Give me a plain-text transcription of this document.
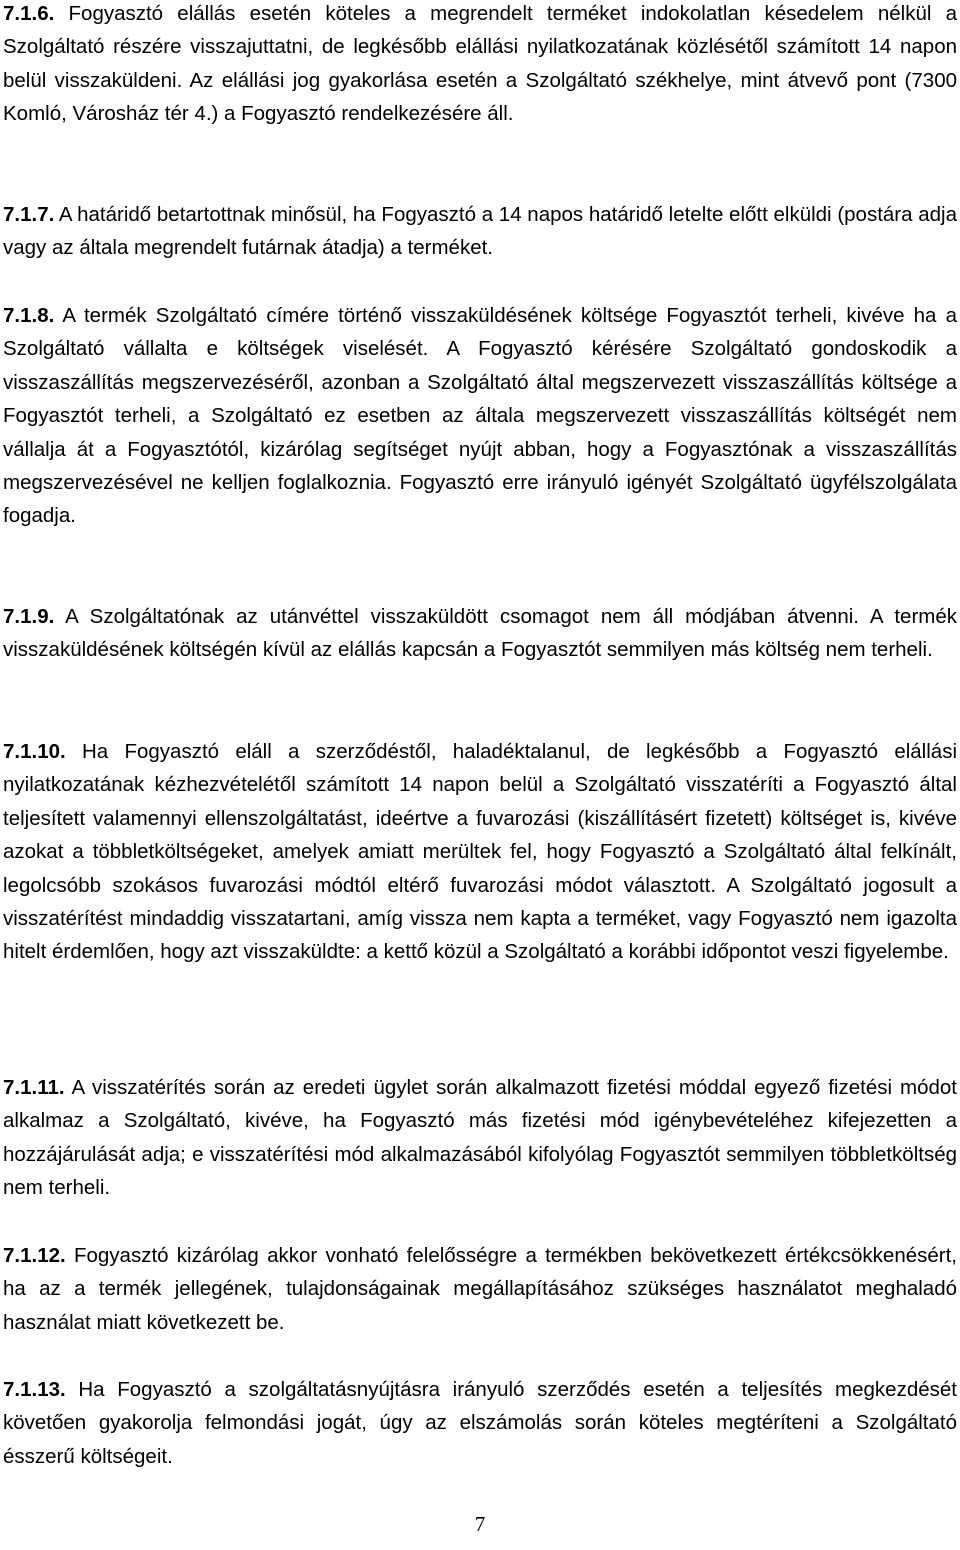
7.1.6. Fogyasztó elállás esetén köteles a megrendelt terméket indokolatlan késedelem nélkül a Szolgáltató részére visszajuttatni, de legkésőbb elállási nyilatkozatának közlésétől számított 14 napon belül visszaküldeni. Az elállási jog gyakorlása esetén a Szolgáltató székhelye, mint átvevő pont (7300 Komló, Városház tér 4.) a Fogyasztó rendelkezésére áll.

7.1.7. A határidő betartottnak minősül, ha Fogyasztó a 14 napos határidő letelte előtt elküldi (postára adja vagy az általa megrendelt futárnak átadja) a terméket.

7.1.8. A termék Szolgáltató címére történő visszaküldésének költsége Fogyasztót terheli, kivéve ha a Szolgáltató vállalta e költségek viselését. A Fogyasztó kérésére Szolgáltató gondoskodik a visszaszállítás megszervezéséről, azonban a Szolgáltató által megszervezett visszaszállítás költsége a Fogyasztót terheli, a Szolgáltató ez esetben az általa megszervezett visszaszállítás költségét nem vállalja át a Fogyasztótól, kizárólag segítséget nyújt abban, hogy a Fogyasztónak a visszaszállítás megszervezésével ne kelljen foglalkoznia. Fogyasztó erre irányuló igényét Szolgáltató ügyfélszolgálata fogadja.

7.1.9. A Szolgáltatónak az utánvéttel visszaküldött csomagot nem áll módjában átvenni. A termék visszaküldésének költségén kívül az elállás kapcsán a Fogyasztót semmilyen más költség nem terheli.

7.1.10. Ha Fogyasztó eláll a szerződéstől, haladéktalanul, de legkésőbb a Fogyasztó elállási nyilatkozatának kézhezvételétől számított 14 napon belül a Szolgáltató visszatéríti a Fogyasztó által teljesített valamennyi ellenszolgáltatást, ideértve a fuvarozási (kiszállításért fizetett) költséget is, kivéve azokat a többletköltségeket, amelyek amiatt merültek fel, hogy Fogyasztó a Szolgáltató által felkínált, legolcsóbb szokásos fuvarozási módtól eltérő fuvarozási módot választott. A Szolgáltató jogosult a visszatérítést mindaddig visszatartani, amíg vissza nem kapta a terméket, vagy Fogyasztó nem igazolta hitelt érdemlően, hogy azt visszaküldte: a kettő közül a Szolgáltató a korábbi időpontot veszi figyelembe.

7.1.11. A visszatérítés során az eredeti ügylet során alkalmazott fizetési móddal egyező fizetési módot alkalmaz a Szolgáltató, kivéve, ha Fogyasztó más fizetési mód igénybevételéhez kifejezetten a hozzájárulását adja; e visszatérítési mód alkalmazásából kifolyólag Fogyasztót semmilyen többletköltség nem terheli.

7.1.12. Fogyasztó kizárólag akkor vonható felelősségre a termékben bekövetkezett értékcsökkenésért, ha az a termék jellegének, tulajdonságainak megállapításához szükséges használatot meghaladó használat miatt következett be.

7.1.13. Ha Fogyasztó a szolgáltatásnyújtásra irányuló szerződés esetén a teljesítés megkezdését követően gyakorolja felmondási jogát, úgy az elszámolás során köteles megtéríteni a Szolgáltató ésszerű költségeit.

7
